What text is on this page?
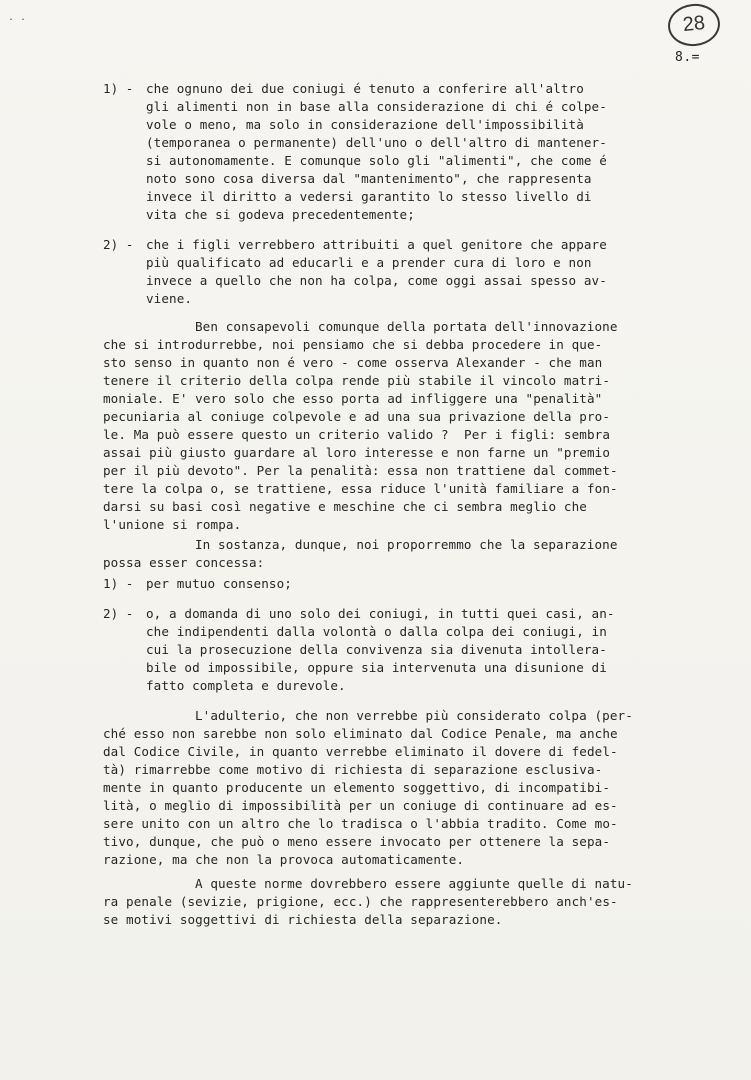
. .	28
8.=
1) - che ognuno dei due coniugi é tenuto a conferire all'altro
gli alimenti non in base alla considerazione di chi é colpe-
vole o meno, ma solo in considerazione dell'impossibilità
(temporanea o permanente) dell'uno o dell'altro di mantener-
si autonomamente. E comunque solo gli "alimenti", che come é
noto sono cosa diversa dal "mantenimento", che rappresenta
invece il diritto a vedersi garantito lo stesso livello di
vita che si godeva precedentemente;
2) - che i figli verrebbero attribuiti a quel genitore che appare
più qualificato ad educarli e a prender cura di loro e non
invece a quello che non ha colpa, come oggi assai spesso av-
viene.
Ben consapevoli comunque della portata dell'innovazione
che si introdurrebbe, noi pensiamo che si debba procedere in que-
sto senso in quanto non é vero - come osserva Alexander - che man
tenere il criterio della colpa rende più stabile il vincolo matri-
moniale. E' vero solo che esso porta ad infliggere una "penalità"
pecuniaria al coniuge colpevole e ad una sua privazione della pro-
le. Ma può essere questo un criterio valido ?  Per i figli: sembra
assai più giusto guardare al loro interesse e non farne un "premio
per il più devoto". Per la penalità: essa non trattiene dal commet-
tere la colpa o, se trattiene, essa riduce l'unità familiare a fon-
darsi su basi così negative e meschine che ci sembra meglio che
l'unione si rompa.
In sostanza, dunque, noi proporremmo che la separazione
possa esser concessa:
1) - per mutuo consenso;
2) - o, a domanda di uno solo dei coniugi, in tutti quei casi, an-
che indipendenti dalla volontà o dalla colpa dei coniugi, in
cui la prosecuzione della convivenza sia divenuta intollera-
bile od impossibile, oppure sia intervenuta una disunione di
fatto completa e durevole.
L'adulterio, che non verrebbe più considerato colpa (per-
ché esso non sarebbe non solo eliminato dal Codice Penale, ma anche
dal Codice Civile, in quanto verrebbe eliminato il dovere di fedel-
tà) rimarrebbe come motivo di richiesta di separazione esclusiva-
mente in quanto producente un elemento soggettivo, di incompatibi-
lità, o meglio di impossibilità per un coniuge di continuare ad es-
sere unito con un altro che lo tradisca o l'abbia tradito. Come mo-
tivo, dunque, che può o meno essere invocato per ottenere la sepa-
razione, ma che non la provoca automaticamente.
A queste norme dovrebbero essere aggiunte quelle di natu-
ra penale (sevizie, prigione, ecc.) che rappresenterebbero anch'es-
se motivi soggettivi di richiesta della separazione.
